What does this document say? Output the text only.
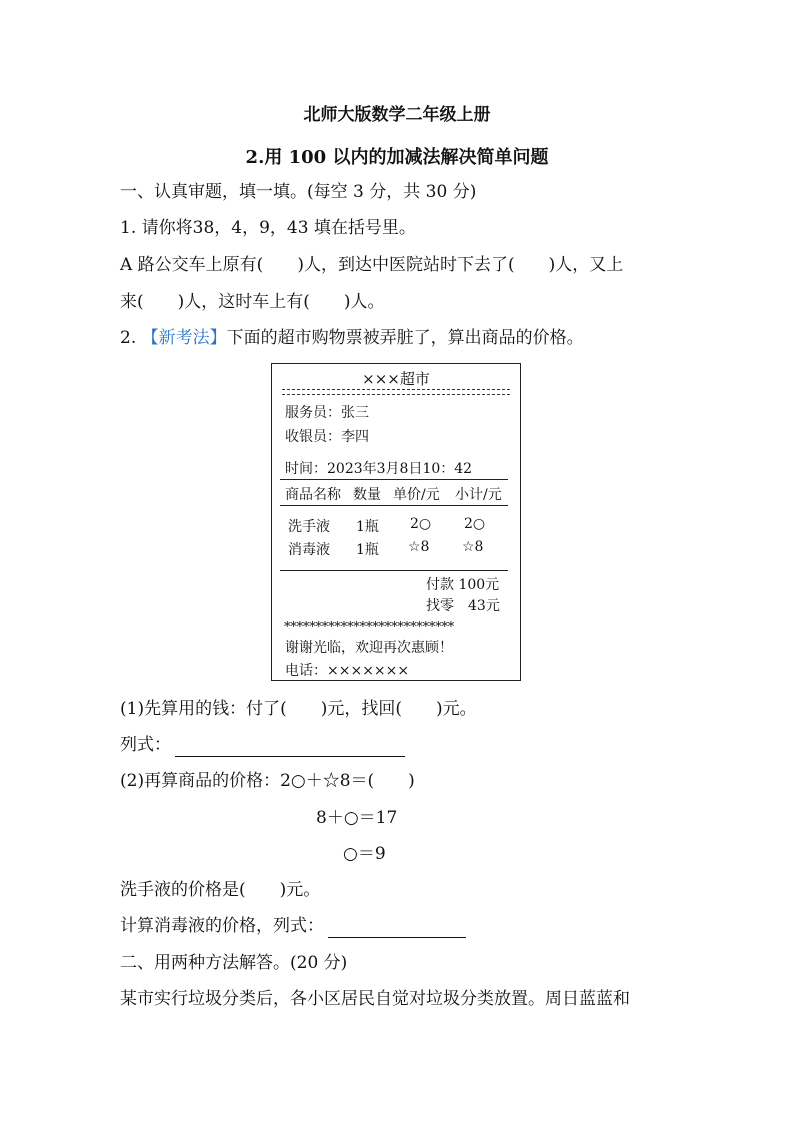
北师大版数学二年级上册
2.用 100 以内的加减法解决简单问题
一、认真审题，填一填。(每空 3 分，共 30 分)
1. 请你将38，4，9，43 填在括号里。
A 路公交车上原有(　　)人，到达中医院站时下去了(　　)人，又上
来(　　)人，这时车上有(　　)人。
2. 【新考法】下面的超市购物票被弄脏了，算出商品的价格。
×××超市
服务员：张三
收银员：李四
时间：2023年3月8日10：42
商品名称 数量 单价/元 小计/元
洗手液 1瓶 2○ 2○
消毒液 1瓶 ☆8 ☆8
付款 100元
找零　43元
***************************
谢谢光临，欢迎再次惠顾！
电话：×××××××
(1)先算用的钱：付了(　　)元，找回(　　)元。
列式：
(2)再算商品的价格：2○＋☆8＝(　　)
8＋○＝17
○＝9
洗手液的价格是(　　)元。
计算消毒液的价格，列式：
二、用两种方法解答。(20 分)
某市实行垃圾分类后，各小区居民自觉对垃圾分类放置。周日蓝蓝和
